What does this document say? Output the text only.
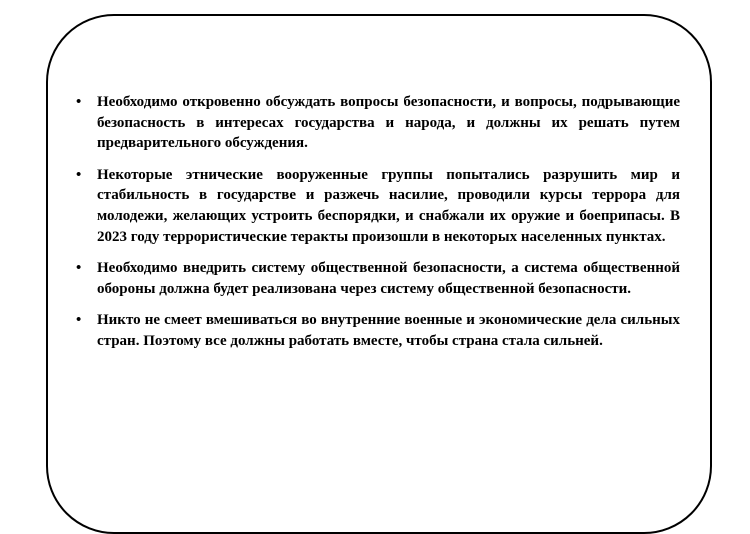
• Необходимо откровенно обсуждать вопросы безопасности, и вопросы, подрывающие безопасность в интересах государства и народа, и должны их решать путем предварительного обсуждения.
• Некоторые этнические вооруженные группы попытались разрушить мир и стабильность в государстве и разжечь насилие, проводили курсы террора для молодежи, желающих устроить беспорядки, и снабжали их оружие и боеприпасы. В 2023 году террористические теракты произошли в некоторых населенных пунктах.
• Необходимо внедрить систему общественной безопасности, а система общественной обороны должна будет реализована через систему общественной безопасности.
• Никто не смеет вмешиваться во внутренние военные и экономические дела сильных стран. Поэтому все должны работать вместе, чтобы страна стала сильней.
